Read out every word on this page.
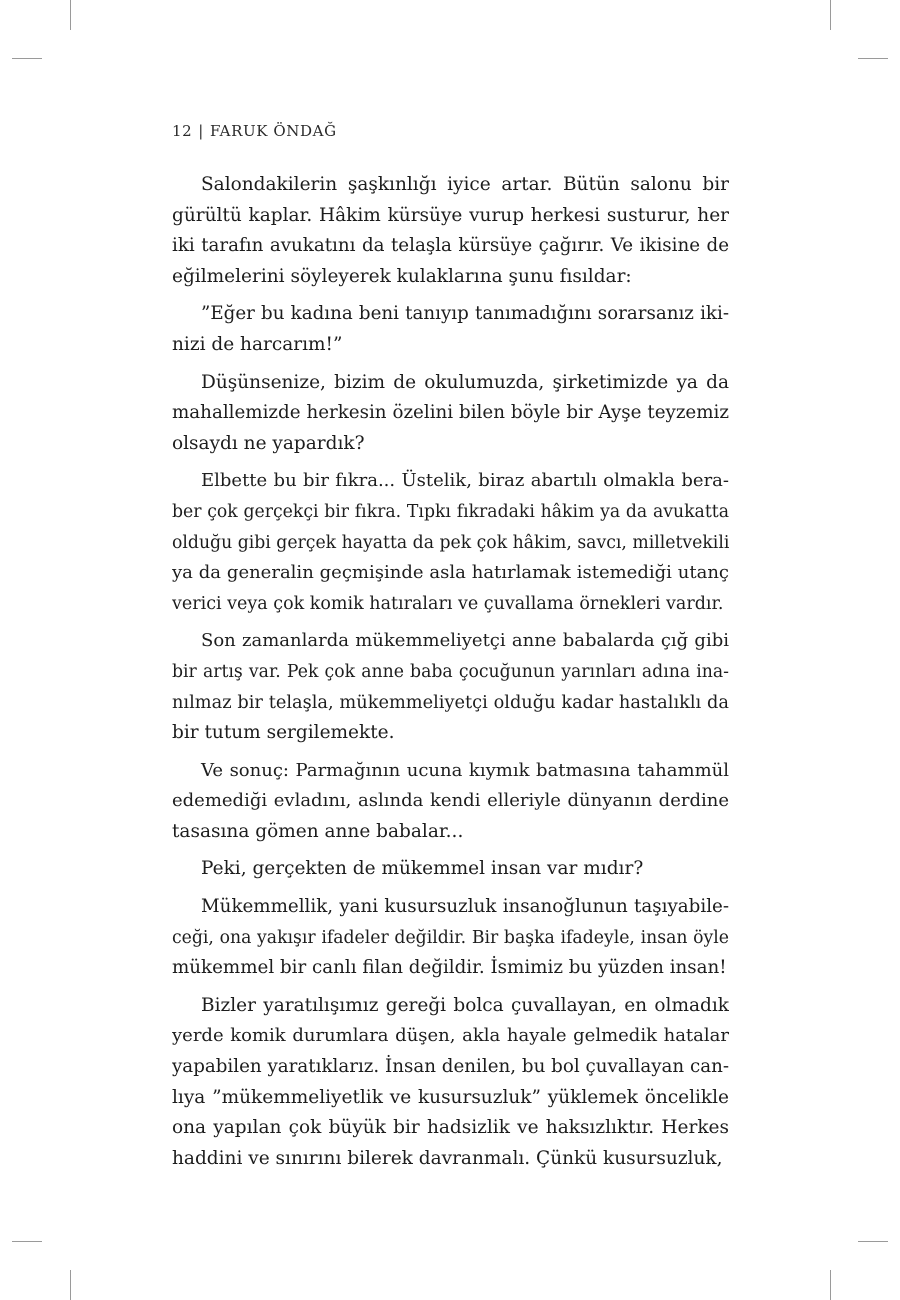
12 | FARUK ÖNDAĞ
Salondakilerin şaşkınlığı iyice artar. Bütün salonu bir
gürültü kaplar. Hâkim kürsüye vurup herkesi susturur, her
iki tarafın avukatını da telaşla kürsüye çağırır. Ve ikisine de
eğilmelerini söyleyerek kulaklarına şunu fısıldar:
”Eğer bu kadına beni tanıyıp tanımadığını sorarsanız iki-
nizi de harcarım!”
Düşünsenize, bizim de okulumuzda, şirketimizde ya da
mahallemizde herkesin özelini bilen böyle bir Ayşe teyzemiz
olsaydı ne yapardık?
Elbette bu bir fıkra... Üstelik, biraz abartılı olmakla bera-
ber çok gerçekçi bir fıkra. Tıpkı fıkradaki hâkim ya da avukatta
olduğu gibi gerçek hayatta da pek çok hâkim, savcı, milletvekili
ya da generalin geçmişinde asla hatırlamak istemediği utanç
verici veya çok komik hatıraları ve çuvallama örnekleri vardır.
Son zamanlarda mükemmeliyetçi anne babalarda çığ gibi
bir artış var. Pek çok anne baba çocuğunun yarınları adına ina-
nılmaz bir telaşla, mükemmeliyetçi olduğu kadar hastalıklı da
bir tutum sergilemekte.
Ve sonuç: Parmağının ucuna kıymık batmasına tahammül
edemediği evladını, aslında kendi elleriyle dünyanın derdine
tasasına gömen anne babalar...
Peki, gerçekten de mükemmel insan var mıdır?
Mükemmellik, yani kusursuzluk insanoğlunun taşıyabile-
ceği, ona yakışır ifadeler değildir. Bir başka ifadeyle, insan öyle
mükemmel bir canlı filan değildir. İsmimiz bu yüzden insan!
Bizler yaratılışımız gereği bolca çuvallayan, en olmadık
yerde komik durumlara düşen, akla hayale gelmedik hatalar
yapabilen yaratıklarız. İnsan denilen, bu bol çuvallayan can-
lıya ”mükemmeliyetlik ve kusursuzluk” yüklemek öncelikle
ona yapılan çok büyük bir hadsizlik ve haksızlıktır. Herkes
haddini ve sınırını bilerek davranmalı. Çünkü kusursuzluk,
